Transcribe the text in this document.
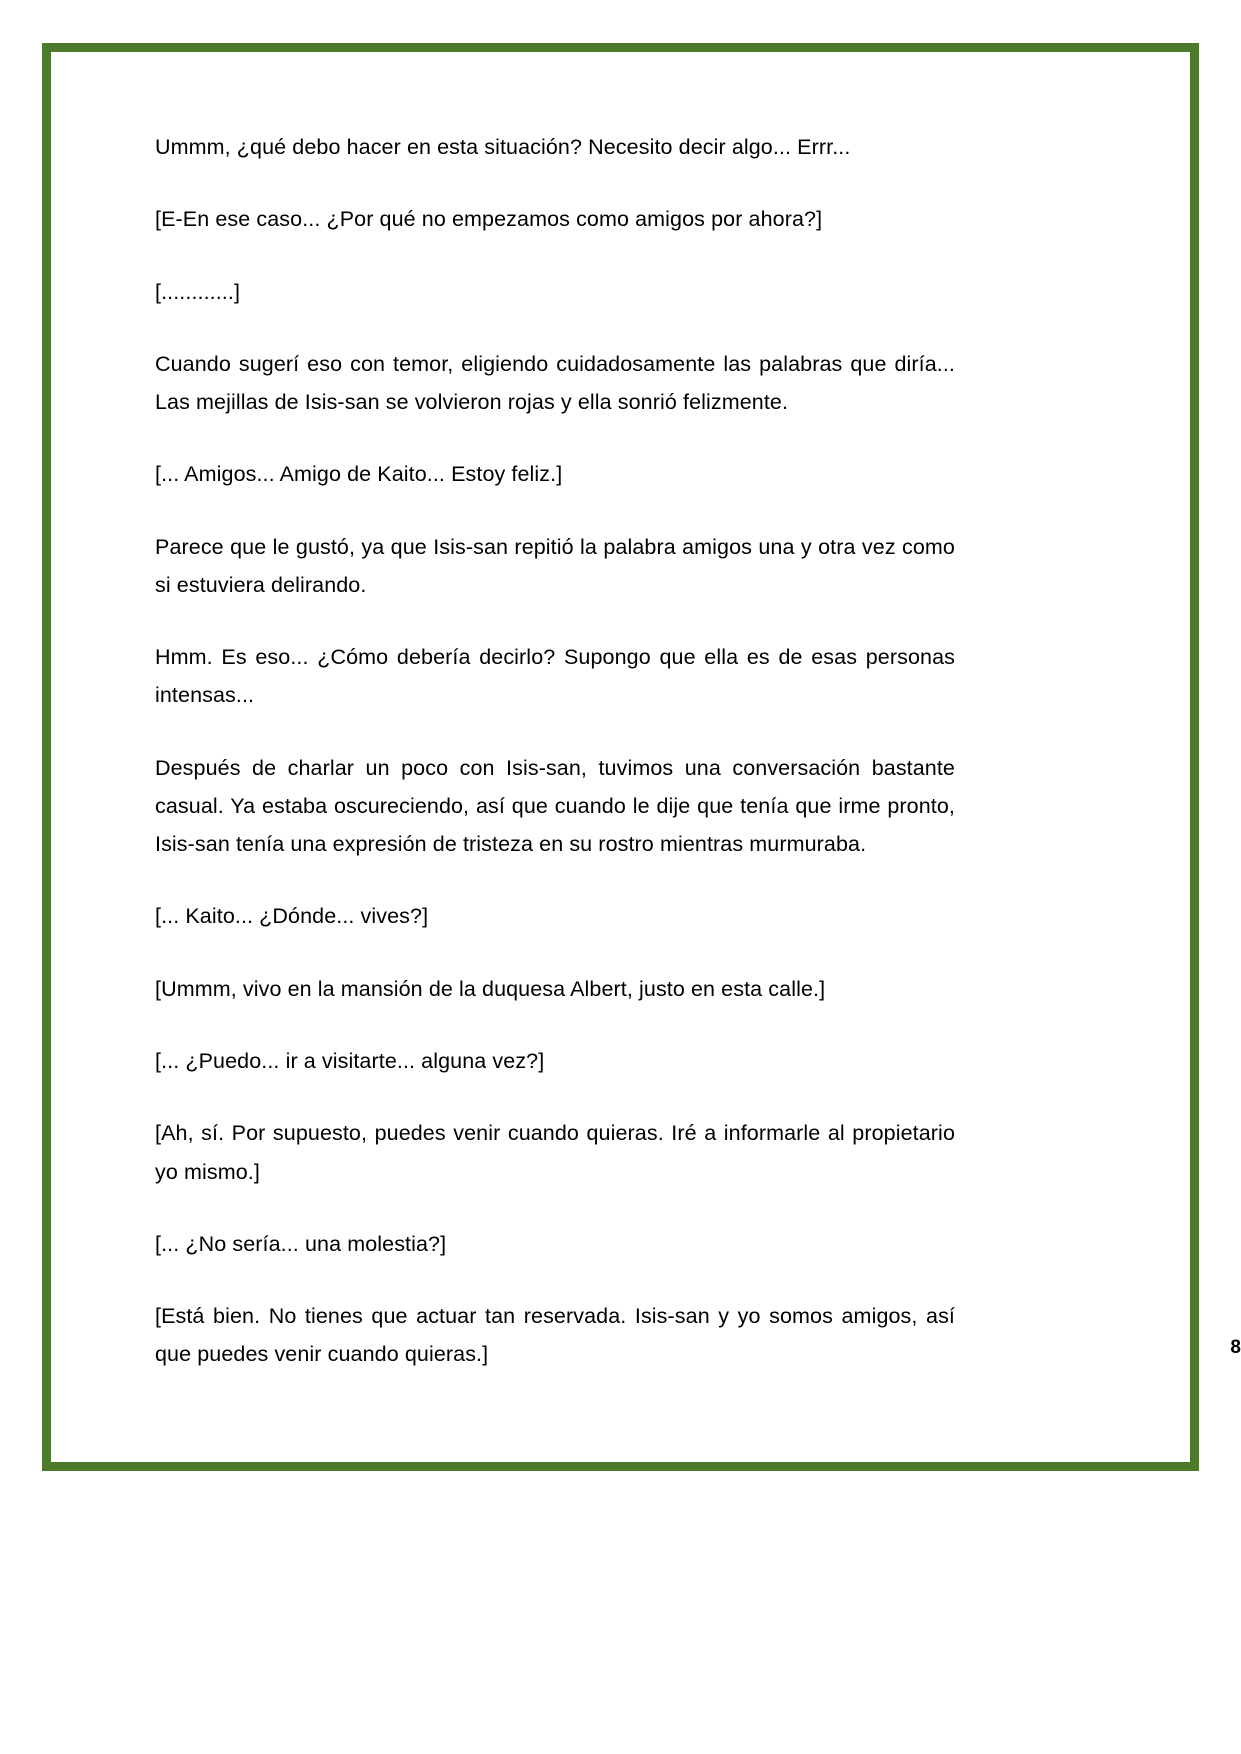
Ummm, ¿qué debo hacer en esta situación? Necesito decir algo... Errr...

[E-En ese caso... ¿Por qué no empezamos como amigos por ahora?]

[............]

Cuando sugerí eso con temor, eligiendo cuidadosamente las palabras que diría... Las mejillas de Isis-san se volvieron rojas y ella sonrió felizmente.

[... Amigos... Amigo de Kaito... Estoy feliz.]

Parece que le gustó, ya que Isis-san repitió la palabra amigos una y otra vez como si estuviera delirando.

Hmm. Es eso... ¿Cómo debería decirlo? Supongo que ella es de esas personas intensas...

Después de charlar un poco con Isis-san, tuvimos una conversación bastante casual. Ya estaba oscureciendo, así que cuando le dije que tenía que irme pronto, Isis-san tenía una expresión de tristeza en su rostro mientras murmuraba.

[... Kaito... ¿Dónde... vives?]

[Ummm, vivo en la mansión de la duquesa Albert, justo en esta calle.]

[... ¿Puedo... ir a visitarte... alguna vez?]

[Ah, sí. Por supuesto, puedes venir cuando quieras. Iré a informarle al propietario yo mismo.]

[... ¿No sería... una molestia?]

[Está bien. No tienes que actuar tan reservada. Isis-san y yo somos amigos, así que puedes venir cuando quieras.]	8
